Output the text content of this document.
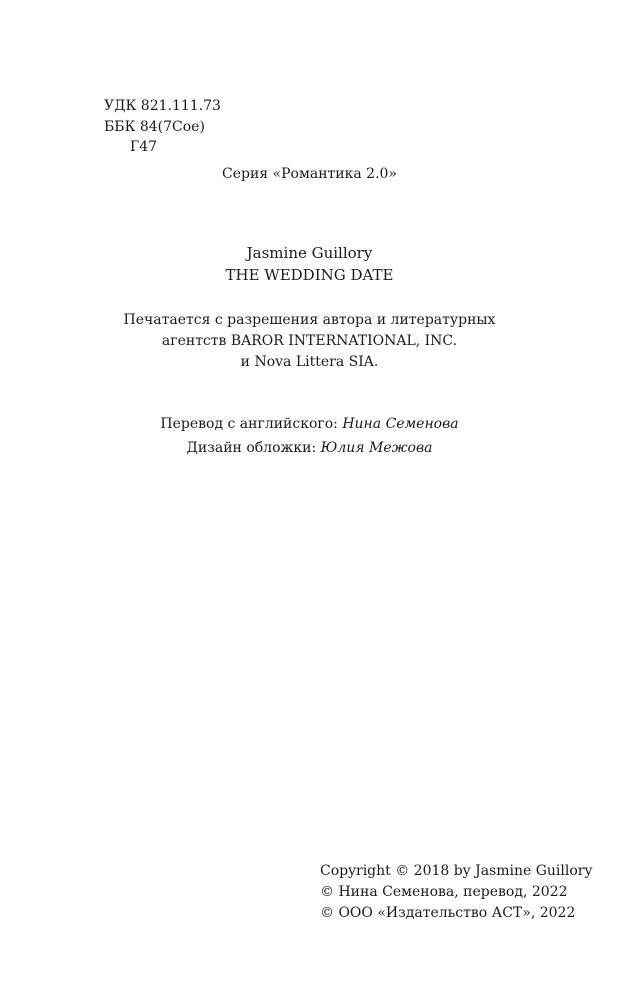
УДК 821.111.73
ББК 84(7Сое)
Г47
Серия «Романтика 2.0»
Jasmine Guillory
THE WEDDING DATE
Печатается с разрешения автора и литературных
агентств BAROR INTERNATIONAL, INC.
и Nova Littera SIA.
Перевод с английского: Нина Семенова
Дизайн обложки: Юлия Межова
Copyright © 2018 by Jasmine Guillory
© Нина Семенова, перевод, 2022
© ООО «Издательство АСТ», 2022
